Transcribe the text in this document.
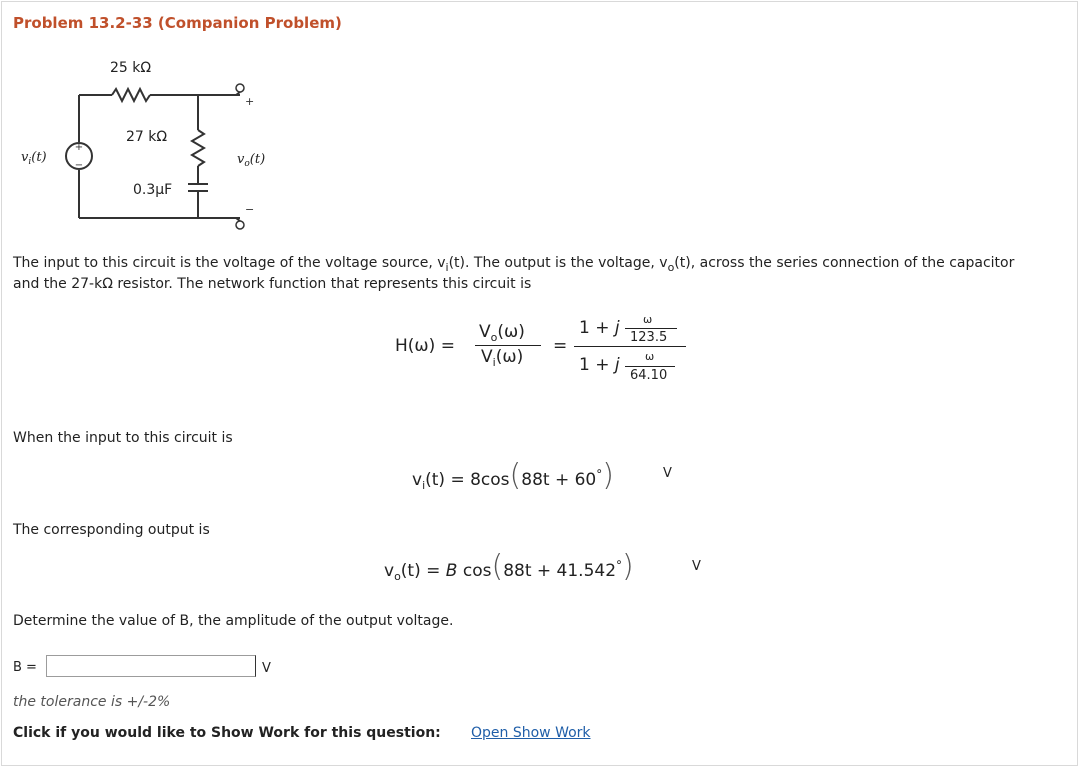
Problem 13.2-33 (Companion Problem)
+
−
25 kΩ
27 kΩ
0.3μF
$v_i(t)$	$v_o(t)$
+
−
The input to this circuit is the voltage of the voltage source, $v_i(t)$. The output is the voltage, $v_o(t)$, across the series connection of the capacitor
and the 27-kΩ resistor. The network function that represents this circuit is
H(ω) =
$V_o(\omega)$
$V_i(\omega)$
=
1 + j ω
123.5
1 + j ω
64.10
When the input to this circuit is
$v_i(t) = 8\cos(88t + 60^\circ)$	V
The corresponding output is
$v_o(t) = B$ cos(88t + 41.542°)	V
Determine the value of B, the amplitude of the output voltage.
B =	V
the tolerance is +/-2%
Click if you would like to Show Work for this question: Open Show Work
